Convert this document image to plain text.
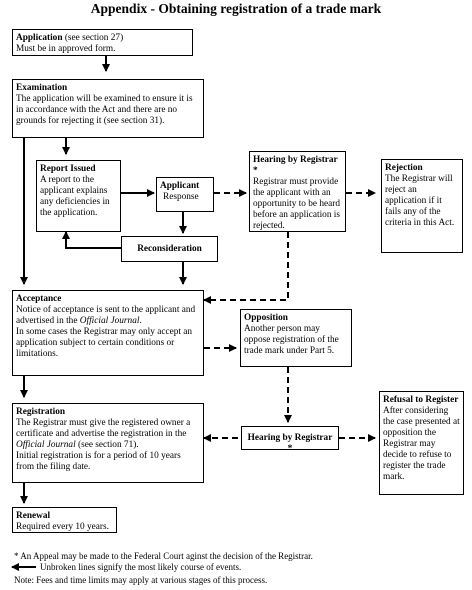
Appendix - Obtaining registration of a trade mark

Application (see section 27)

Must be in approved form.

Examination

The application will be examined to ensure it is in accordance with the Act and there are no grounds for rejecting it (see section 31).

Report Issued

A report to the applicant explains any deficiencies in the application.

Applicant

Response

Hearing by Registrar *

Registrar must provide the applicant with an opportunity to be heard before an application is rejected.

Rejection

The Registrar will reject an application if it fails any of the criteria in this Act.

Reconsideration

Acceptance

Notice of acceptance is sent to the applicant and advertised in the Official Journal.

In some cases the Registrar may only accept an application subject to certain conditions or limitations.

Opposition

Another person may oppose registration of the trade mark under Part 5.

Registration

The Registrar must give the registered owner a certificate and advertise the registration in the Official Journal (see section 71).

Initial registration is for a period of 10 years from the filing date.

Hearing by Registrar *

Refusal to Register

After considering the case presented at opposition the Registrar may decide to refuse to register the trade mark.

Renewal

Required every 10 years.

* An Appeal may be made to the Federal Court aginst the decision of the Registrar.
Unbroken lines signify the most likely course of events.
Note: Fees and time limits may apply at various stages of this process.
